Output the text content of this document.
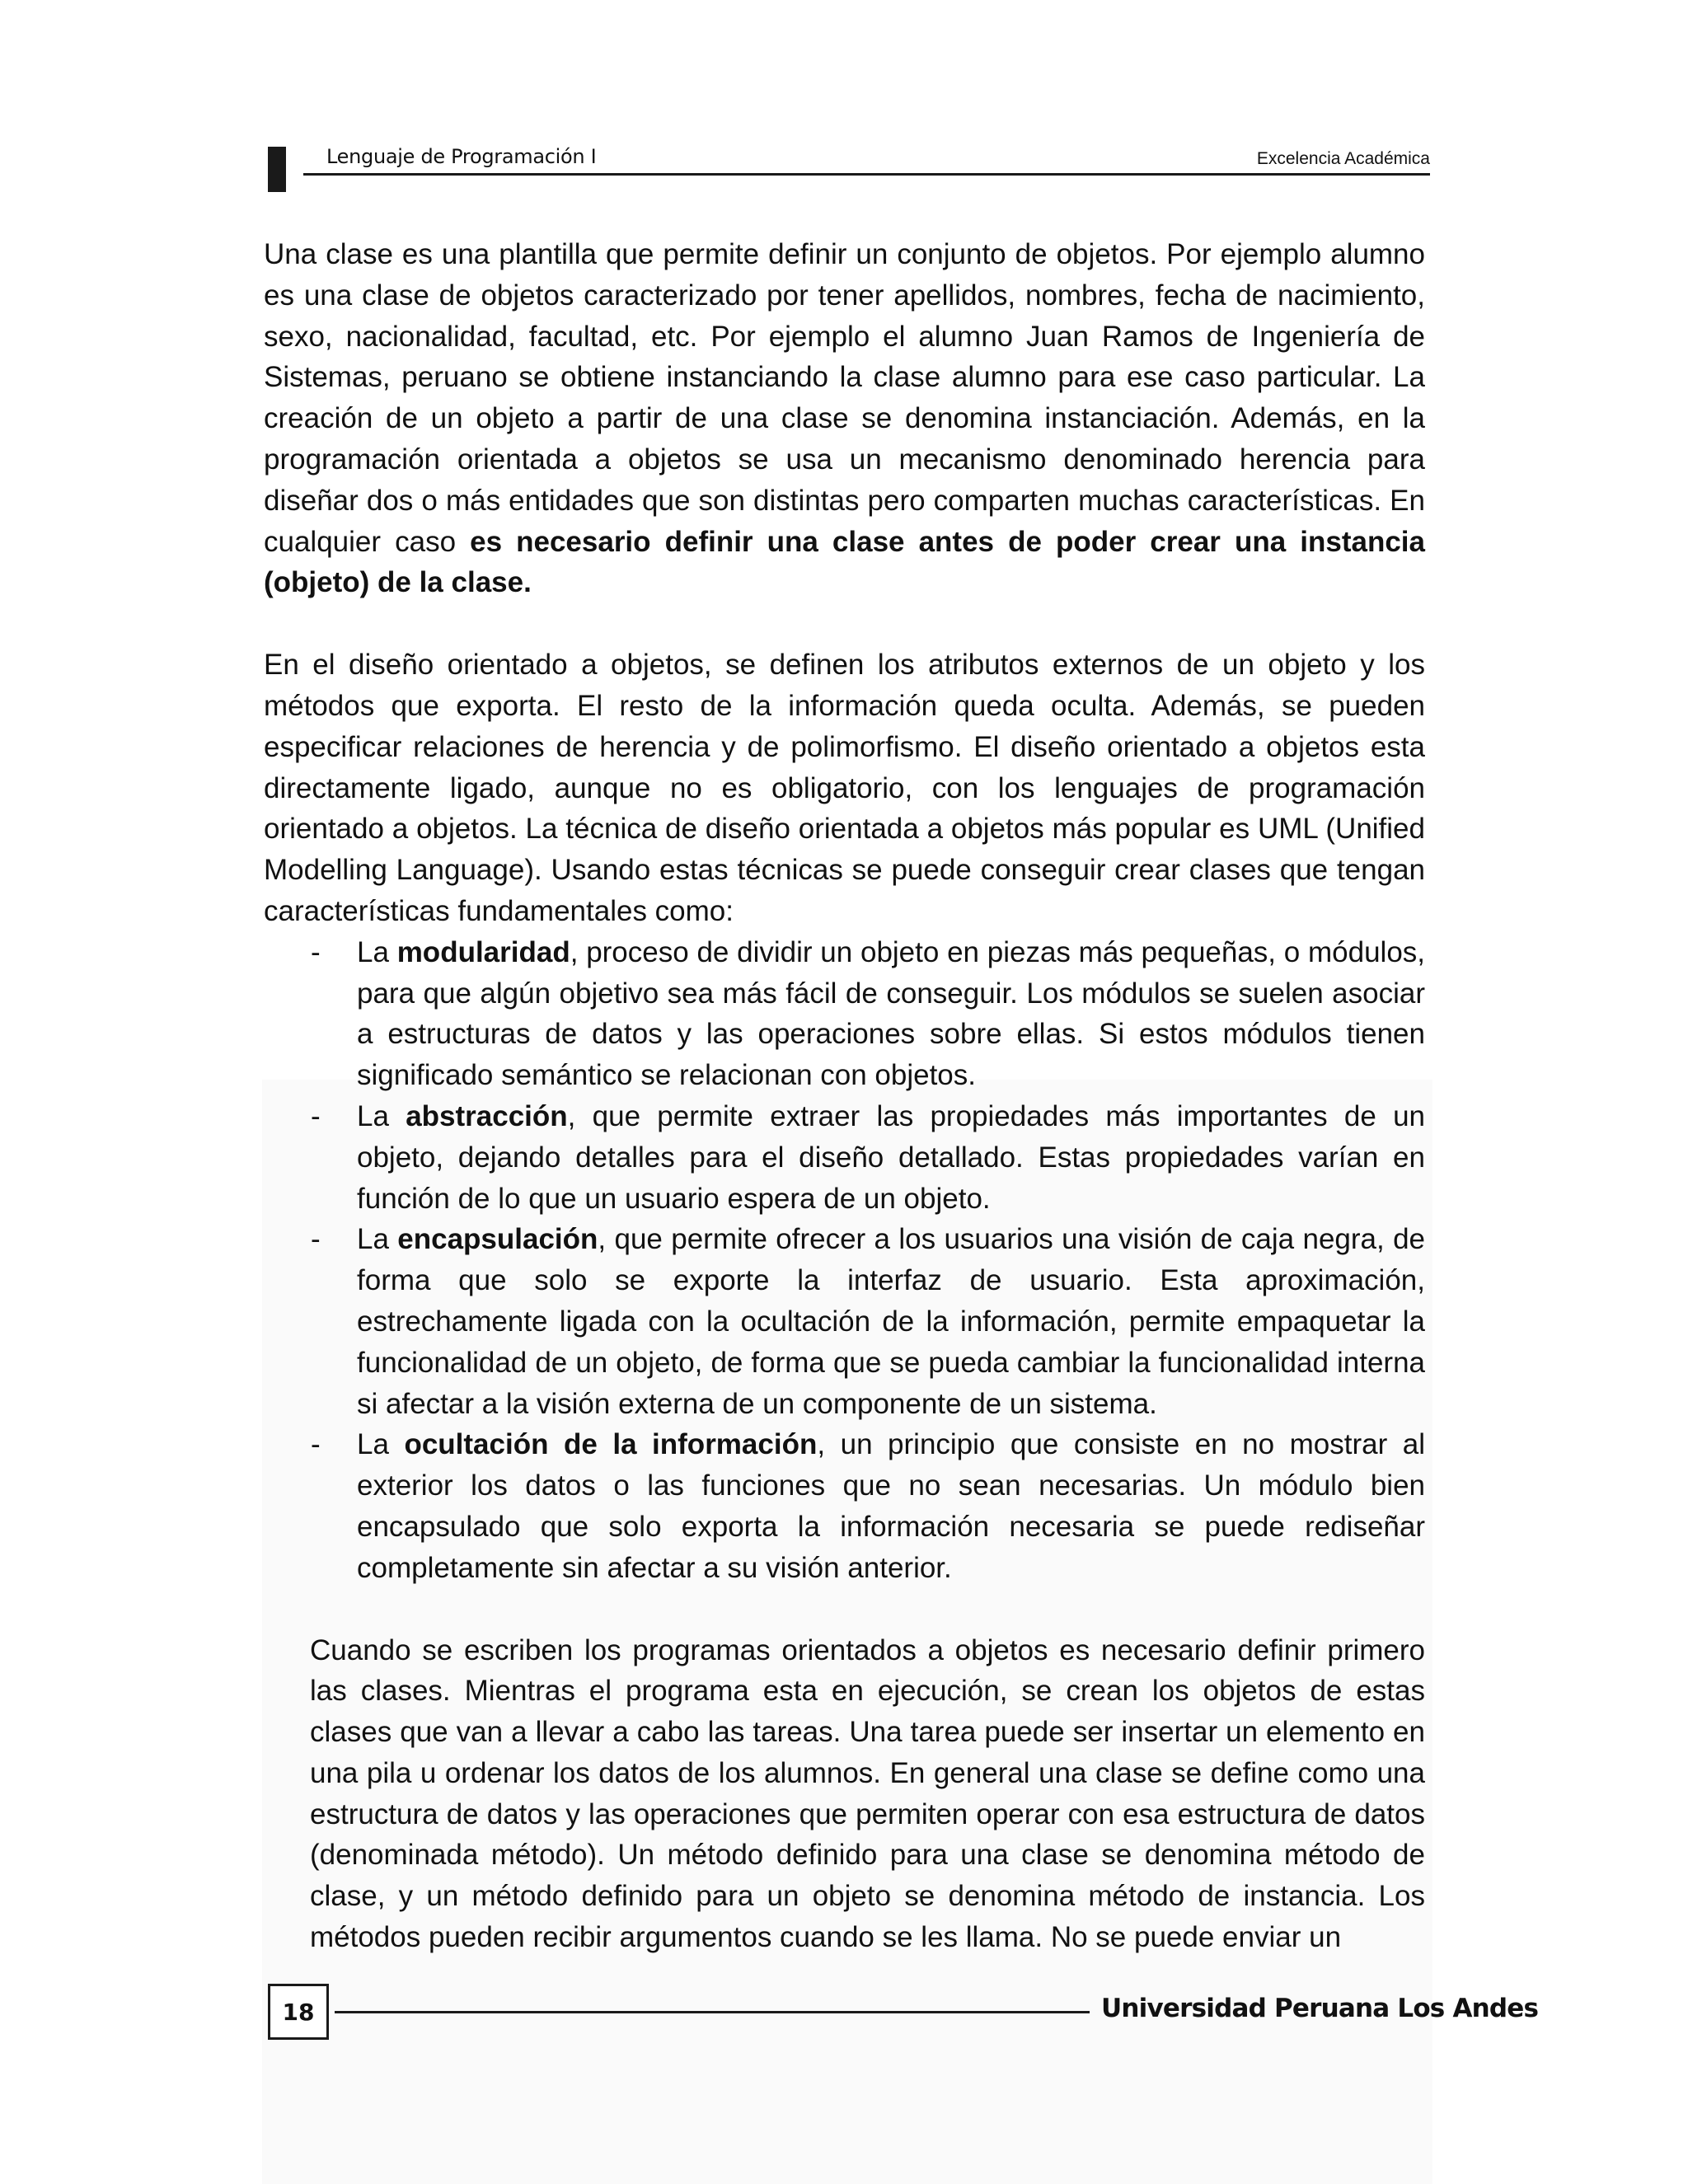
Lenguaje de Programación I	Excelencia Académica

Una clase es una plantilla que permite definir un conjunto de objetos. Por ejemplo alumno es una clase de objetos caracterizado por tener apellidos, nombres, fecha de nacimiento, sexo, nacionalidad, facultad, etc. Por ejemplo el alumno Juan Ramos de Ingeniería de Sistemas, peruano se obtiene instanciando la clase alumno para ese caso particular. La creación de un objeto a partir de una clase se denomina instanciación. Además, en la programación orientada a objetos se usa un mecanismo denominado herencia para diseñar dos o más entidades que son distintas pero comparten muchas características. En cualquier caso es necesario definir una clase antes de poder crear una instancia (objeto) de la clase.

En el diseño orientado a objetos, se definen los atributos externos de un objeto y los métodos que exporta. El resto de la información queda oculta. Además, se pueden especificar relaciones de herencia y de polimorfismo. El diseño orientado a objetos esta directamente ligado, aunque no es obligatorio, con los lenguajes de programación orientado a objetos. La técnica de diseño orientada a objetos más popular es UML (Unified Modelling Language). Usando estas técnicas se puede conseguir crear clases que tengan características fundamentales como:

- La modularidad, proceso de dividir un objeto en piezas más pequeñas, o módulos, para que algún objetivo sea más fácil de conseguir. Los módulos se suelen asociar a estructuras de datos y las operaciones sobre ellas. Si estos módulos tienen significado semántico se relacionan con objetos.
- La abstracción, que permite extraer las propiedades más importantes de un objeto, dejando detalles para el diseño detallado. Estas propiedades varían en función de lo que un usuario espera de un objeto.
- La encapsulación, que permite ofrecer a los usuarios una visión de caja negra, de forma que solo se exporte la interfaz de usuario. Esta aproximación, estrechamente ligada con la ocultación de la información, permite empaquetar la funcionalidad de un objeto, de forma que se pueda cambiar la funcionalidad interna si afectar a la visión externa de un componente de un sistema.
- La ocultación de la información, un principio que consiste en no mostrar al exterior los datos o las funciones que no sean necesarias. Un módulo bien encapsulado que solo exporta la información necesaria se puede rediseñar completamente sin afectar a su visión anterior.

Cuando se escriben los programas orientados a objetos es necesario definir primero las clases. Mientras el programa esta en ejecución, se crean los objetos de estas clases que van a llevar a cabo las tareas. Una tarea puede ser insertar un elemento en una pila u ordenar los datos de los alumnos. En general una clase se define como una estructura de datos y las operaciones que permiten operar con esa estructura de datos (denominada método). Un método definido para una clase se denomina método de clase, y un método definido para un objeto se denomina método de instancia. Los métodos pueden recibir argumentos cuando se les llama. No se puede enviar un

18	Universidad Peruana Los Andes
